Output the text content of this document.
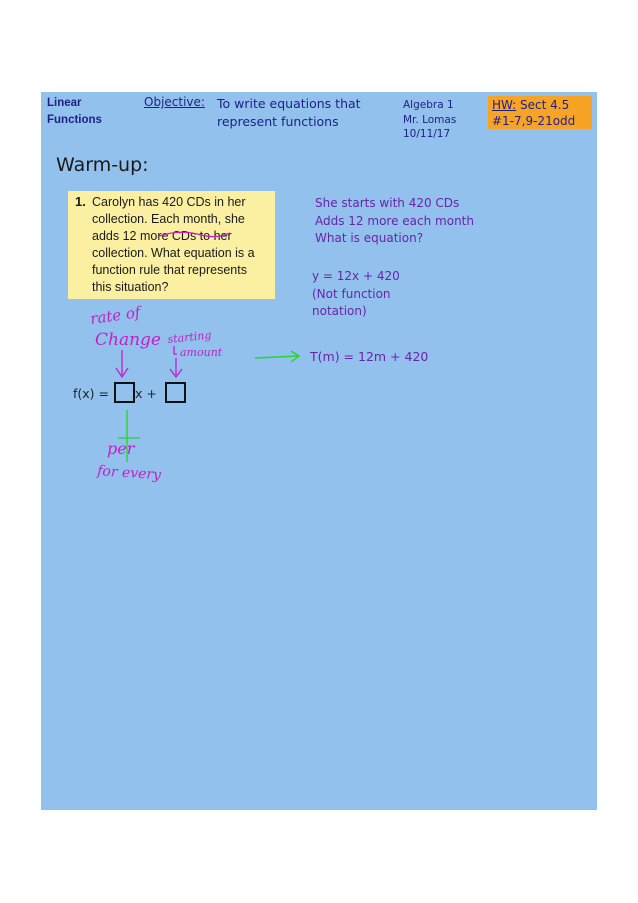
Linear
Functions
Objective: To write equations that
represent functions
Algebra 1
Mr. Lomas
10/11/17
HW: Sect 4.5
#1-7,9-21odd
Warm-up:
1. Carolyn has 420 CDs in her
collection. Each month, she
adds 12 more CDs to her
collection. What equation is a
function rule that represents
this situation?
She starts with 420 CDs
Adds 12 more each month
What is equation?
y = 12x + 420
(Not function
notation)
T(m) = 12m + 420
f(x) = x +
rate of
Change starting
amount
per
for every
